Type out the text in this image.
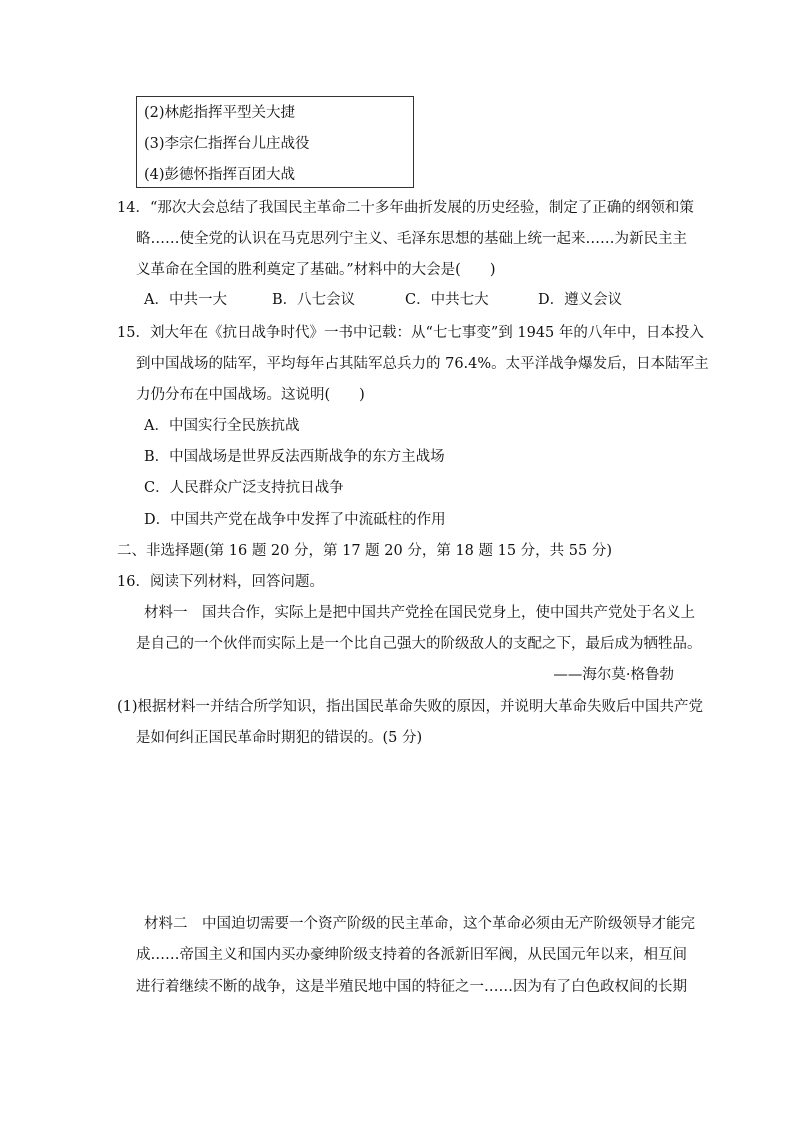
(2)林彪指挥平型关大捷
(3)李宗仁指挥台儿庄战役
(4)彭德怀指挥百团大战
14．“那次大会总结了我国民主革命二十多年曲折发展的历史经验，制定了正确的纲领和策
略……使全党的认识在马克思列宁主义、毛泽东思想的基础上统一起来……为新民主主
义革命在全国的胜利奠定了基础。”材料中的大会是(　　)
A．中共一大	B．八七会议	C．中共七大	D．遵义会议
15．刘大年在《抗日战争时代》一书中记载：从“七七事变”到 1945 年的八年中，日本投入
到中国战场的陆军，平均每年占其陆军总兵力的 76.4%。太平洋战争爆发后，日本陆军主
力仍分布在中国战场。这说明(　　)
A．中国实行全民族抗战
B．中国战场是世界反法西斯战争的东方主战场
C．人民群众广泛支持抗日战争
D．中国共产党在战争中发挥了中流砥柱的作用
二、非选择题(第 16 题 20 分，第 17 题 20 分，第 18 题 15 分，共 55 分)
16．阅读下列材料，回答问题。
材料一　国共合作，实际上是把中国共产党拴在国民党身上，使中国共产党处于名义上
是自己的一个伙伴而实际上是一个比自己强大的阶级敌人的支配之下，最后成为牺牲品。
——海尔莫·格鲁勃
(1)根据材料一并结合所学知识，指出国民革命失败的原因，并说明大革命失败后中国共产党
是如何纠正国民革命时期犯的错误的。(5 分)
材料二　中国迫切需要一个资产阶级的民主革命，这个革命必须由无产阶级领导才能完
成……帝国主义和国内买办豪绅阶级支持着的各派新旧军阀，从民国元年以来，相互间
进行着继续不断的战争，这是半殖民地中国的特征之一……因为有了白色政权间的长期
